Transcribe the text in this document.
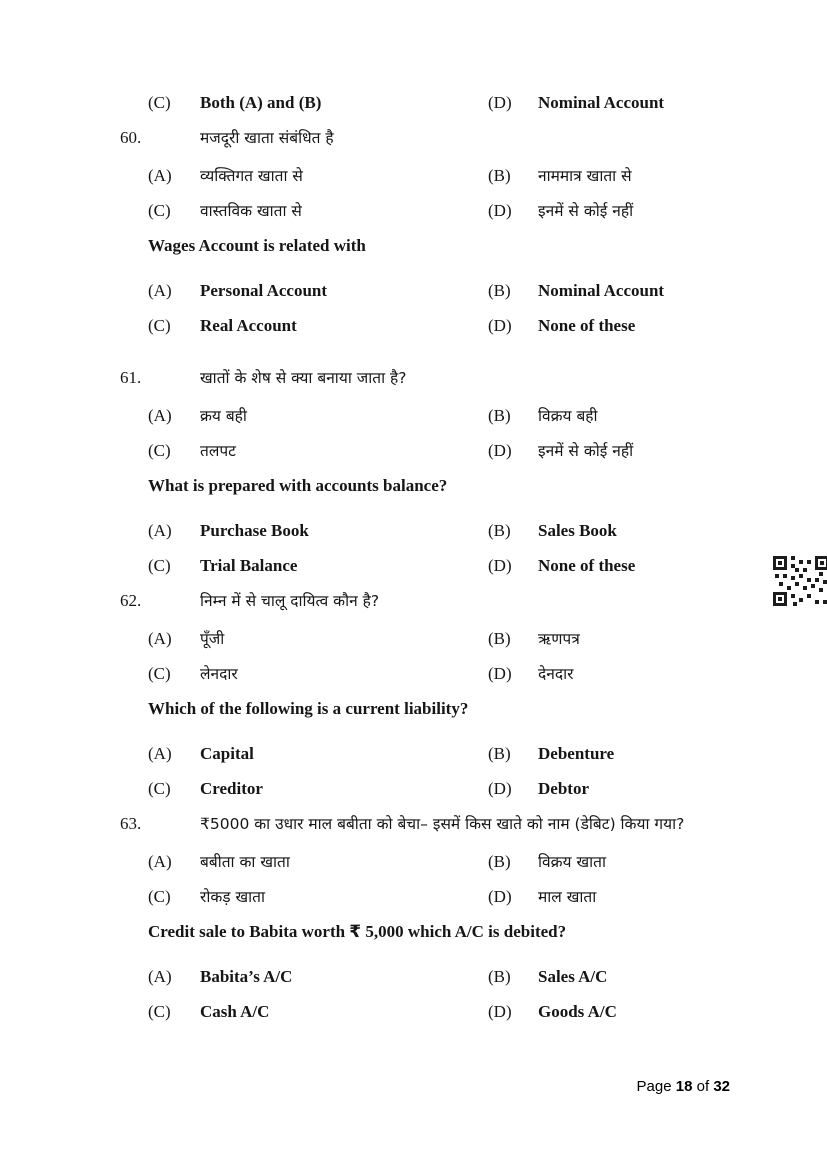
(C)	Both (A) and (B)	(D)	Nominal Account

60.	मजदूरी खाता संबंधित है

(A)	व्यक्तिगत खाता से	(B)	नाममात्र खाता से
(C)	वास्तविक खाता से	(D)	इनमें से कोई नहीं

Wages Account is related with

(A)	Personal Account	(B)	Nominal Account
(C)	Real Account	(D)	None of these

61.	खातों के शेष से क्या बनाया जाता है?

(A)	क्रय बही	(B)	विक्रय बही
(C)	तलपट	(D)	इनमें से कोई नहीं

What is prepared with accounts balance?

(A)	Purchase Book	(B)	Sales Book
(C)	Trial Balance	(D)	None of these

62.	निम्न में से चालू दायित्व कौन है?

(A)	पूँजी	(B)	ऋणपत्र
(C)	लेनदार	(D)	देनदार

Which of the following is a current liability?

(A)	Capital	(B)	Debenture
(C)	Creditor	(D)	Debtor

63.	₹5000 का उधार माल बबीता को बेचा– इसमें किस खाते को नाम (डेबिट) किया गया?

(A)	बबीता का खाता	(B)	विक्रय खाता
(C)	रोकड़ खाता	(D)	माल खाता

Credit sale to Babita worth ₹ 5,000 which A/C is debited?

(A)	Babita’s A/C	(B)	Sales A/C
(C)	Cash A/C	(D)	Goods A/C
Page 18 of 32
